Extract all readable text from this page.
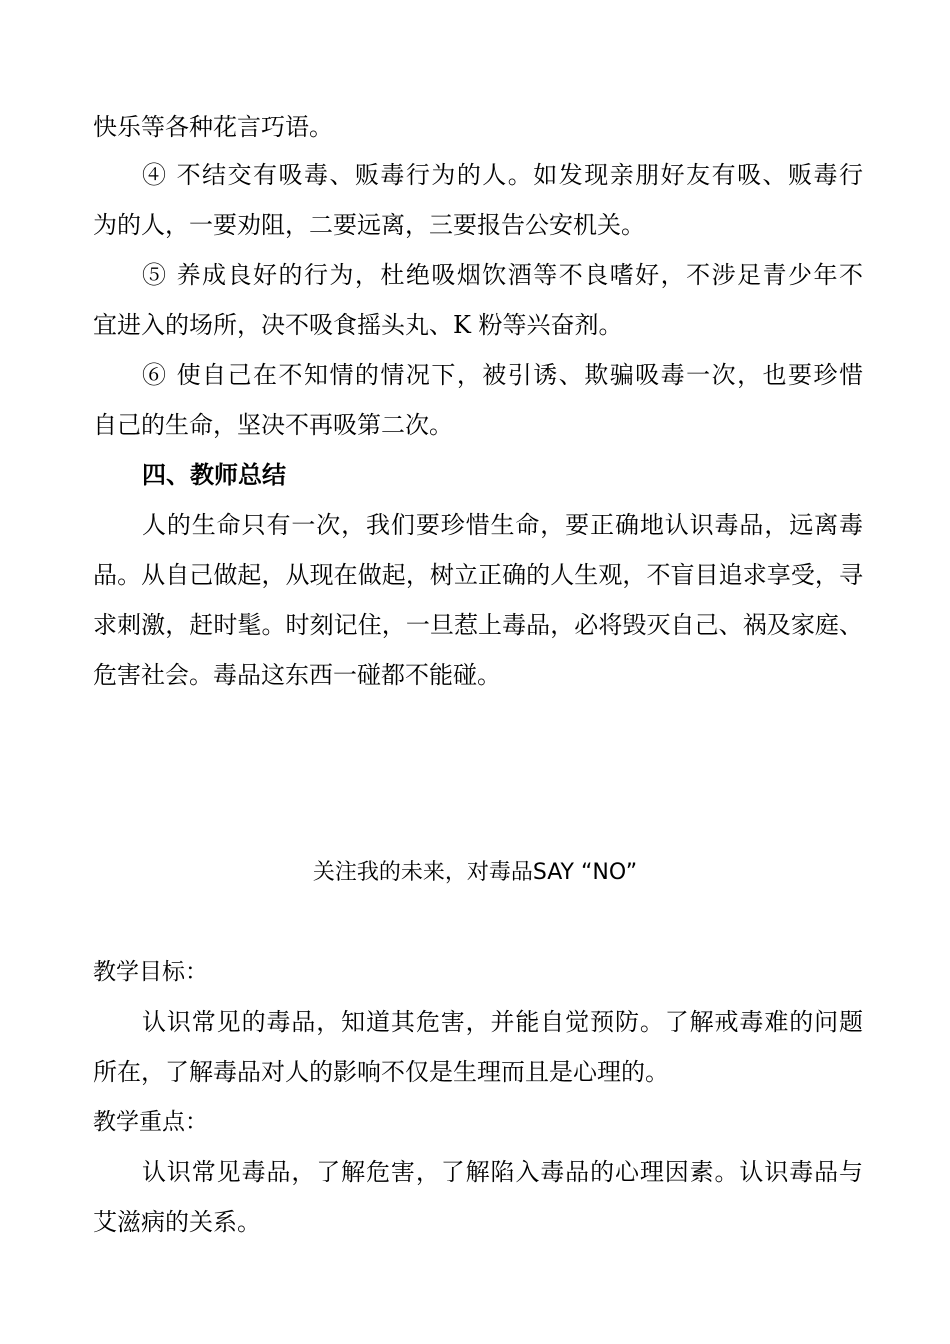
快乐等各种花言巧语。
④ 不结交有吸毒、贩毒行为的人。如发现亲朋好友有吸、贩毒行
为的人，一要劝阻，二要远离，三要报告公安机关。
⑤ 养成良好的行为，杜绝吸烟饮酒等不良嗜好，不涉足青少年不
宜进入的场所，决不吸食摇头丸、K 粉等兴奋剂。
⑥ 使自己在不知情的情况下，被引诱、欺骗吸毒一次，也要珍惜
自己的生命，坚决不再吸第二次。
四、教师总结
人的生命只有一次，我们要珍惜生命，要正确地认识毒品，远离毒
品。从自己做起，从现在做起，树立正确的人生观，不盲目追求享受，寻
求刺激，赶时髦。时刻记住，一旦惹上毒品，必将毁灭自己、祸及家庭、
危害社会。毒品这东西一碰都不能碰。
关注我的未来，对毒品SAY “NO”
教学目标：
认识常见的毒品，知道其危害，并能自觉预防。了解戒毒难的问题
所在，了解毒品对人的影响不仅是生理而且是心理的。
教学重点：
认识常见毒品，了解危害，了解陷入毒品的心理因素。认识毒品与
艾滋病的关系。
